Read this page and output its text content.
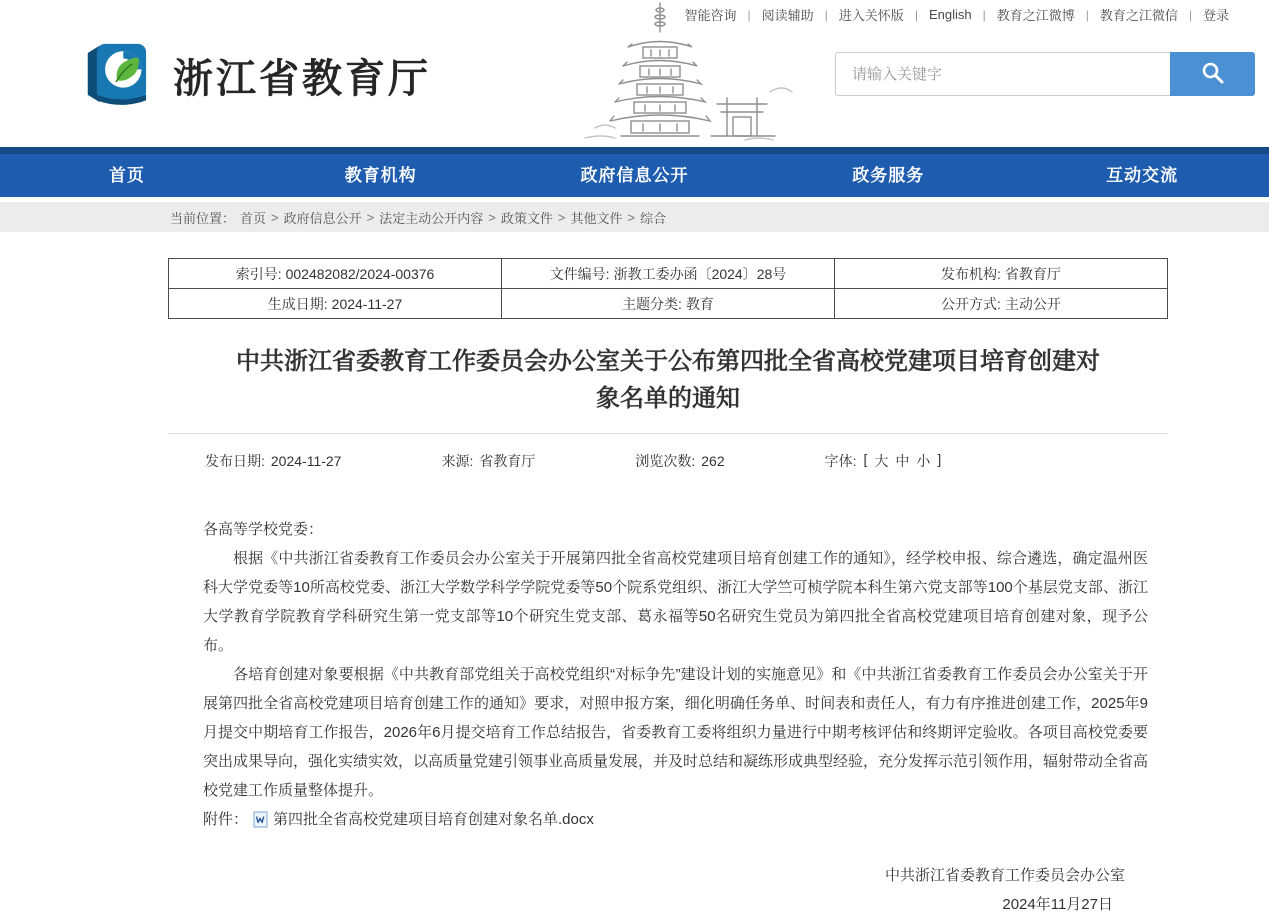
智能咨询 | 阅读辅助 | 进入关怀版 | English | 教育之江微博 | 教育之江微信 | 登录
浙江省教育厅
请输入关键字
首页	教育机构	政府信息公开	政务服务	互动交流
当前位置： 首页 > 政府信息公开 > 法定主动公开内容 > 政策文件 > 其他文件 > 综合
索引号: 002482082/2024-00376	文件编号: 浙教工委办函〔2024〕28号	发布机构: 省教育厅
生成日期: 2024-11-27	主题分类: 教育	公开方式: 主动公开
中共浙江省委教育工作委员会办公室关于公布第四批全省高校党建项目培育创建对象名单的通知
发布日期: 2024-11-27	来源: 省教育厅	浏览次数: 262	字体: [ 大 中 小 ]

各高等学校党委：

根据《中共浙江省委教育工作委员会办公室关于开展第四批全省高校党建项目培育创建工作的通知》，经学校申报、综合遴选，确定温州医科大学党委等10所高校党委、浙江大学数学科学学院党委等50个院系党组织、浙江大学竺可桢学院本科生第六党支部等100个基层党支部、浙江大学教育学院教育学科研究生第一党支部等10个研究生党支部、葛永福等50名研究生党员为第四批全省高校党建项目培育创建对象，现予公布。

各培育创建对象要根据《中共教育部党组关于高校党组织“对标争先”建设计划的实施意见》和《中共浙江省委教育工作委员会办公室关于开展第四批全省高校党建项目培育创建工作的通知》要求，对照申报方案，细化明确任务单、时间表和责任人，有力有序推进创建工作，2025年9月提交中期培育工作报告，2026年6月提交培育工作总结报告，省委教育工委将组织力量进行中期考核评估和终期评定验收。各项目高校党委要突出成果导向，强化实绩实效，以高质量党建引领事业高质量发展，并及时总结和凝练形成典型经验，充分发挥示范引领作用，辐射带动全省高校党建工作质量整体提升。

附件： 第四批全省高校党建项目培育创建对象名单.docx

中共浙江省委教育工作委员会办公室
2024年11月27日
